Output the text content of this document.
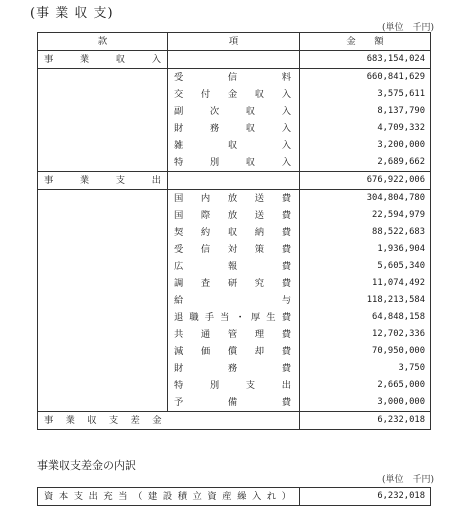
(事 業 収 支)
(単位　千円)
款	項	金　　額
事業収入		683,154,024
	受信料	660,841,629
	交付金収入	3,575,611
	副次収入	8,137,790
	財務収入	4,709,332
	雑収入	3,200,000
	特別収入	2,689,662
事業支出		676,922,006
	国内放送費	304,804,780
	国際放送費	22,594,979
	契約収納費	88,522,683
	受信対策費	1,936,904
	広報費	5,605,340
	調査研究費	11,074,492
	給与	118,213,584
	退職手当・厚生費	64,848,158
	共通管理費	12,702,336
	減価償却費	70,950,000
	財務費	3,750
	特別支出	2,665,000
	予備費	3,000,000
事業収支差金		6,232,018
事業収支差金の内訳
(単位　千円)
資本支出充当（建設積立資産繰入れ）	6,232,018
